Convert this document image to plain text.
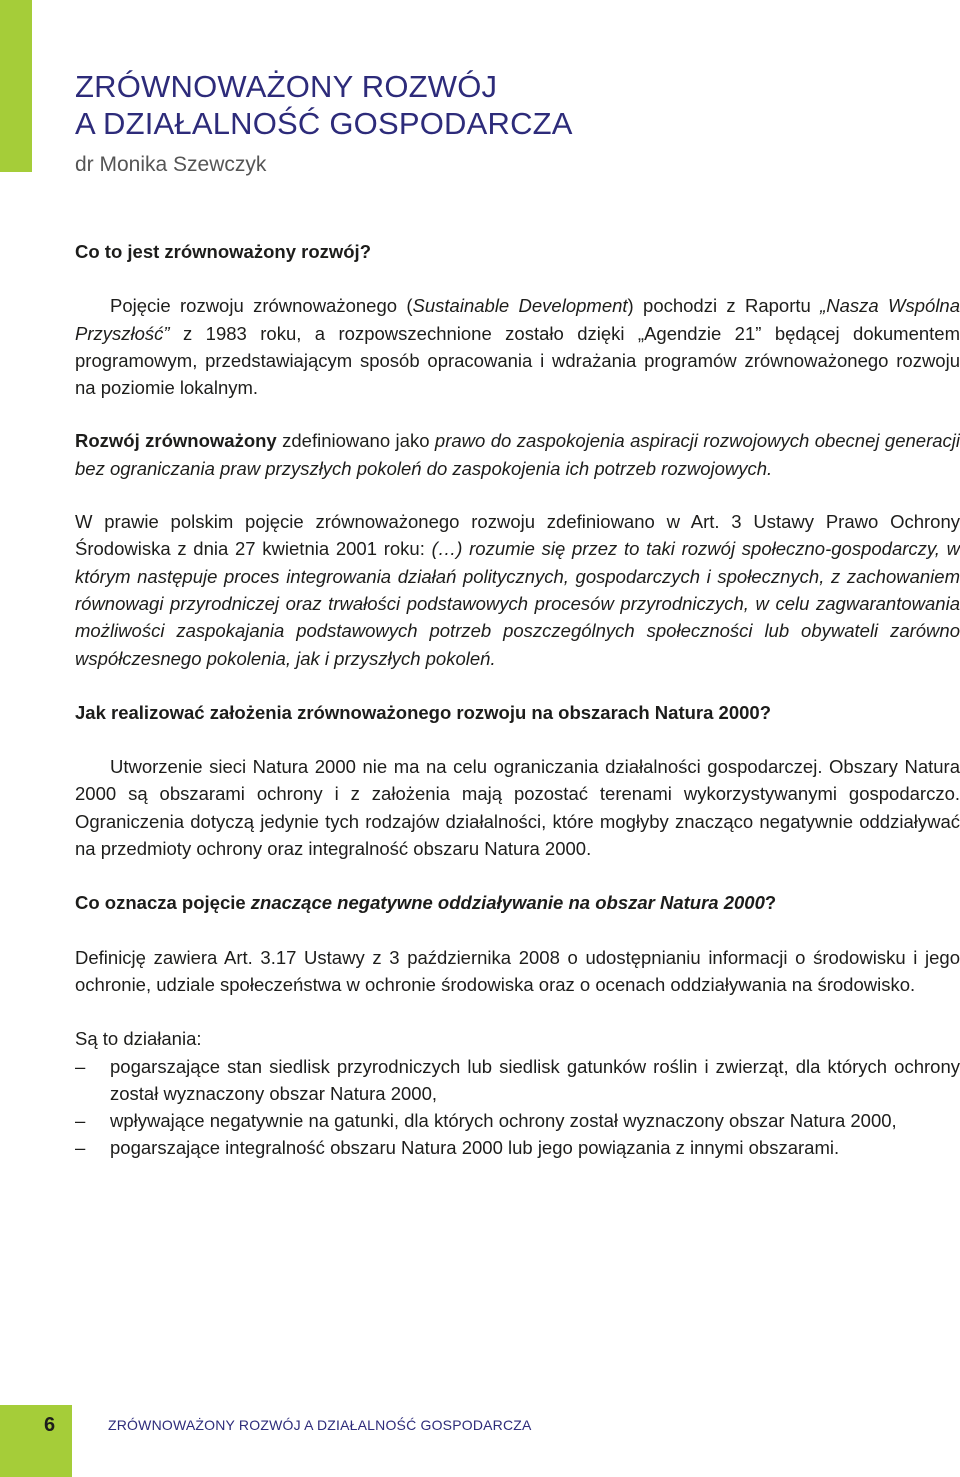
ZRÓWNOWAŻONY ROZWÓJ
A DZIAŁALNOŚĆ GOSPODARCZA

dr Monika Szewczyk

Co to jest zrównoważony rozwój?

Pojęcie rozwoju zrównoważonego (Sustainable Development) pochodzi z Raportu „Nasza Wspólna Przyszłość” z 1983 roku, a rozpowszechnione zostało dzięki „Agendzie 21” będącej dokumentem programowym, przedstawiającym sposób opracowania i wdrażania programów zrównoważonego rozwoju na poziomie lokalnym.

Rozwój zrównoważony zdefiniowano jako prawo do zaspokojenia aspiracji rozwojowych obecnej generacji bez ograniczania praw przyszłych pokoleń do zaspokojenia ich potrzeb rozwojowych.

W prawie polskim pojęcie zrównoważonego rozwoju zdefiniowano w Art. 3 Ustawy Prawo Ochrony Środowiska z dnia 27 kwietnia 2001 roku: (…) rozumie się przez to taki rozwój społeczno-gospodarczy, w którym następuje proces integrowania działań politycznych, gospodarczych i społecznych, z zachowaniem równowagi przyrodniczej oraz trwałości podstawowych procesów przyrodniczych, w celu zagwarantowania możliwości zaspokajania podstawowych potrzeb poszczególnych społeczności lub obywateli zarówno współczesnego pokolenia, jak i przyszłych pokoleń.

Jak realizować założenia zrównoważonego rozwoju na obszarach Natura 2000?

Utworzenie sieci Natura 2000 nie ma na celu ograniczania działalności gospodarczej. Obszary Natura 2000 są obszarami ochrony i z założenia mają pozostać terenami wykorzystywanymi gospodarczo. Ograniczenia dotyczą jedynie tych rodzajów działalności, które mogłyby znacząco negatywnie oddziaływać na przedmioty ochrony oraz integralność obszaru Natura 2000.

Co oznacza pojęcie znaczące negatywne oddziaływanie na obszar Natura 2000?

Definicję zawiera Art. 3.17 Ustawy z 3 października 2008 o udostępnianiu informacji o środowisku i jego ochronie, udziale społeczeństwa w ochronie środowiska oraz o ocenach oddziaływania na środowisko.

Są to działania:

– pogarszające stan siedlisk przyrodniczych lub siedlisk gatunków roślin i zwierząt, dla których ochrony został wyznaczony obszar Natura 2000,
– wpływające negatywnie na gatunki, dla których ochrony został wyznaczony obszar Natura 2000,
– pogarszające integralność obszaru Natura 2000 lub jego powiązania z innymi obszarami.
6	ZRÓWNOWAŻONY ROZWÓJ A DZIAŁALNOŚĆ GOSPODARCZA
